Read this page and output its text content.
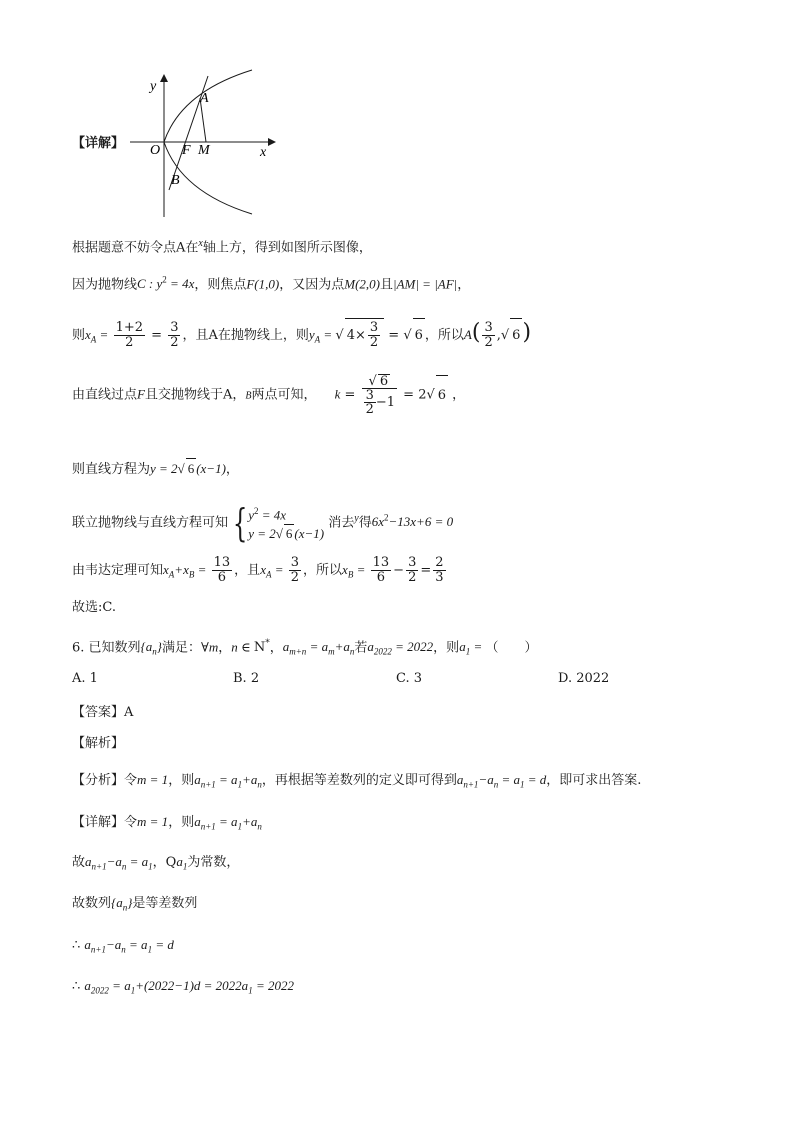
y
x
O F M
A
B
【详解】
根据题意不妨令点A在$^x$轴上方，得到如图所示图像，
因为抛物线C : $y^2 = 4x$，则焦点F(1,0)，又因为点M(2,0)且|AM| = |AF|，
则$x_A = \frac{1+2}{2} = \frac{3}{2}$ ，且A在抛物线上，则$y_A$ = √ $4\times \frac{3}{2}$ = √ 6 ，所以$A( \frac{3}{2}$ ,√ 6)
由直线过点F且交抛物线于A，B两点可知， $k = \frac{√ 6}{\frac{3}{2} -1} = 2√$ 6 ，
则直线方程为y = 2√ 6 (x−1)，
联立抛物线与直线方程可知 { $y^2 = 4x$
y = 2√ 6 (x−1)
消去$^y$得$6x^2-13x+6 = 0$
由韦达定理可知$x_A+x_B = \frac{13}{6}$ ，且$x_A = \frac{3}{2}$ ，所以$x_B = \frac{13}{6} - \frac{3}{2} = \frac{2}{3}$
故选:C.
6. 已知数列$\{a_n\}$满足：∀m，n ∈ N*，$a_{m+n} = a_m+a_n$若$a_{2022} = 2022$，则$a_1$ = （　　）
A. 1	B. 2	C. 3	D. 2022
【答案】A
【解析】
【分析】令m = 1，则$a_{n+1} = a_1+a_n$，再根据等差数列的定义即可得到$a_{n+1}-a_n = a_1 = d$，即可求出答案.
【详解】令m = 1，则$a_{n+1} = a_1+a_n$
故$a_{n+1}-a_n = a_1$，$Qa_1$为常数，
故数列$\{a_n\}$是等差数列
∴ $a_{n+1}-a_n = a_1 = d$
∴ $a_{2022} = a_1+(2022-1)d = 2022a_1 = 2022$
